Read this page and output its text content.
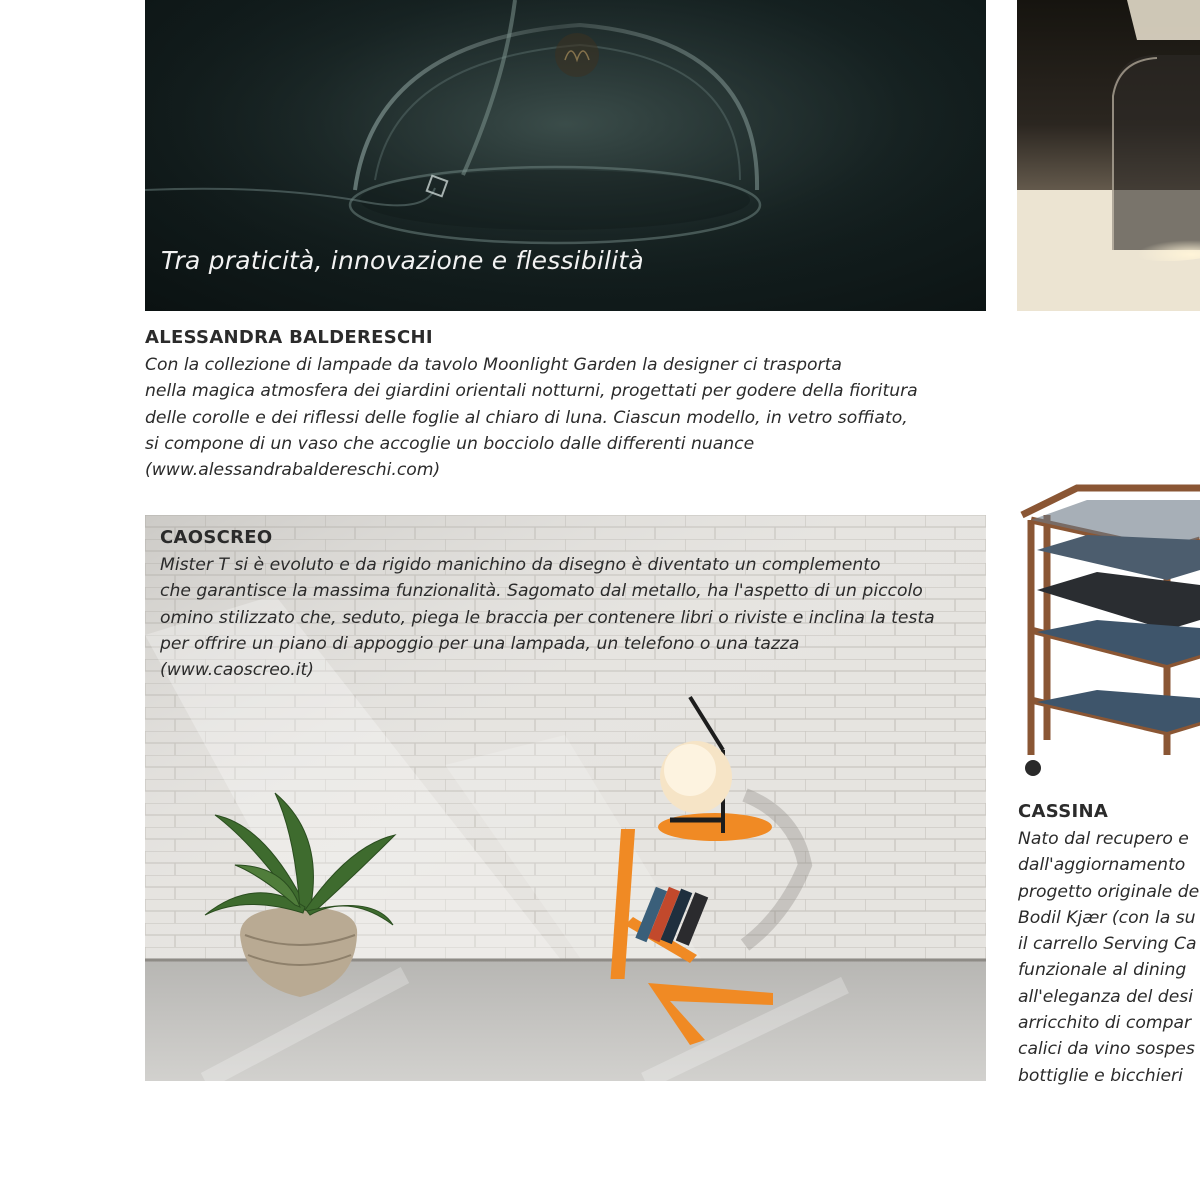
Tra praticità, innovazione e flessibilità
ALESSANDRA BALDERESCHI
Con la collezione di lampade da tavolo Moonlight Garden la designer ci trasporta
nella magica atmosfera dei giardini orientali notturni, progettati per godere della fioritura
delle corolle e dei riflessi delle foglie al chiaro di luna. Ciascun modello, in vetro soffiato,
si compone di un vaso che accoglie un bocciolo dalle differenti nuance
(www.alessandrabaldereschi.com)
CAOSCREO
Mister T si è evoluto e da rigido manichino da disegno è diventato un complemento
che garantisce la massima funzionalità. Sagomato dal metallo, ha l'aspetto di un piccolo
omino stilizzato che, seduto, piega le braccia per contenere libri o riviste e inclina la testa
per offrire un piano di appoggio per una lampada, un telefono o una tazza
(www.caoscreo.it)
CASSINA
Nato dal recupero e
dall'aggiornamento
progetto originale de
Bodil Kjær (con la su
il carrello Serving Ca
funzionale al dining
all'eleganza del desi
arricchito di compar
calici da vino sospes
bottiglie e bicchieri
